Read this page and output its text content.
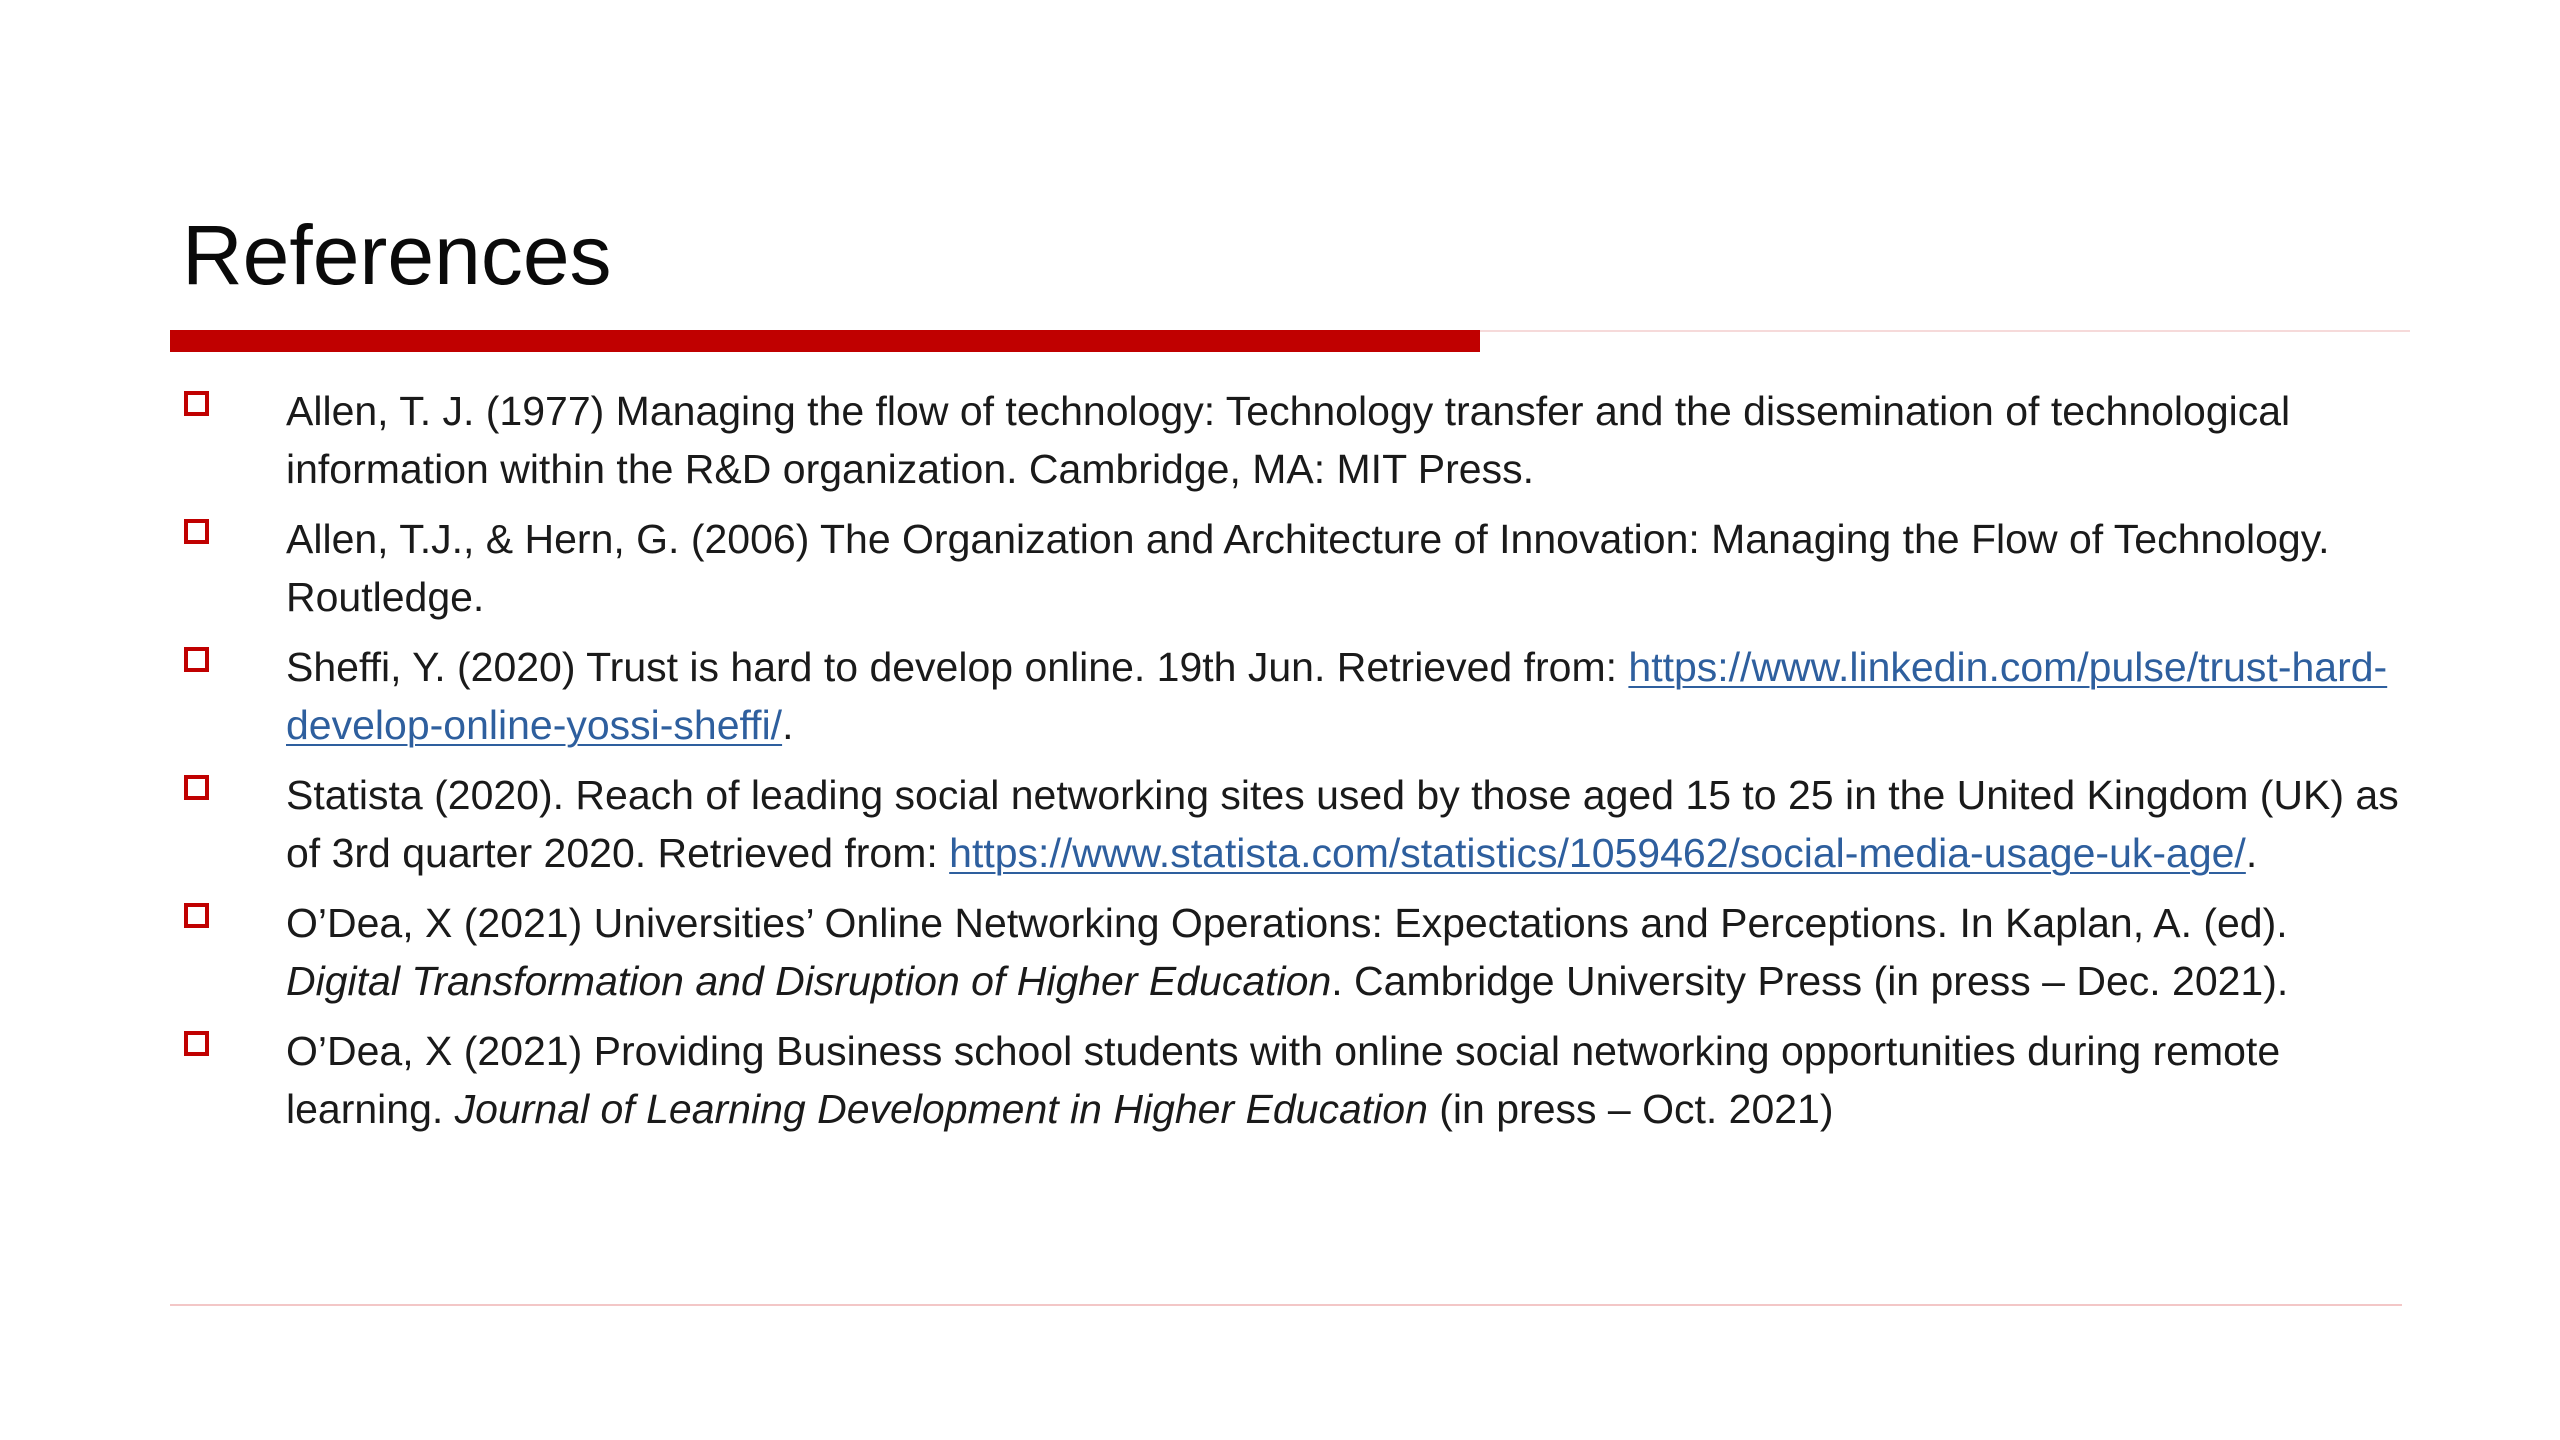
References
Allen, T. J. (1977) Managing the flow of technology: Technology transfer and the dissemination of technological information within the R&D organization. Cambridge, MA: MIT Press.
Allen, T.J., & Hern, G. (2006) The Organization and Architecture of Innovation: Managing the Flow of Technology. Routledge.
Sheffi, Y. (2020) Trust is hard to develop online. 19th Jun. Retrieved from: https://www.linkedin.com/pulse/trust-hard-develop-online-yossi-sheffi/.
Statista (2020). Reach of leading social networking sites used by those aged 15 to 25 in the United Kingdom (UK) as of 3rd quarter 2020. Retrieved from: https://www.statista.com/statistics/1059462/social-media-usage-uk-age/.
O’Dea, X (2021) Universities’ Online Networking Operations: Expectations and Perceptions. In Kaplan, A. (ed). Digital Transformation and Disruption of Higher Education. Cambridge University Press (in press – Dec. 2021).
O’Dea, X (2021) Providing Business school students with online social networking opportunities during remote learning. Journal of Learning Development in Higher Education (in press – Oct. 2021)
